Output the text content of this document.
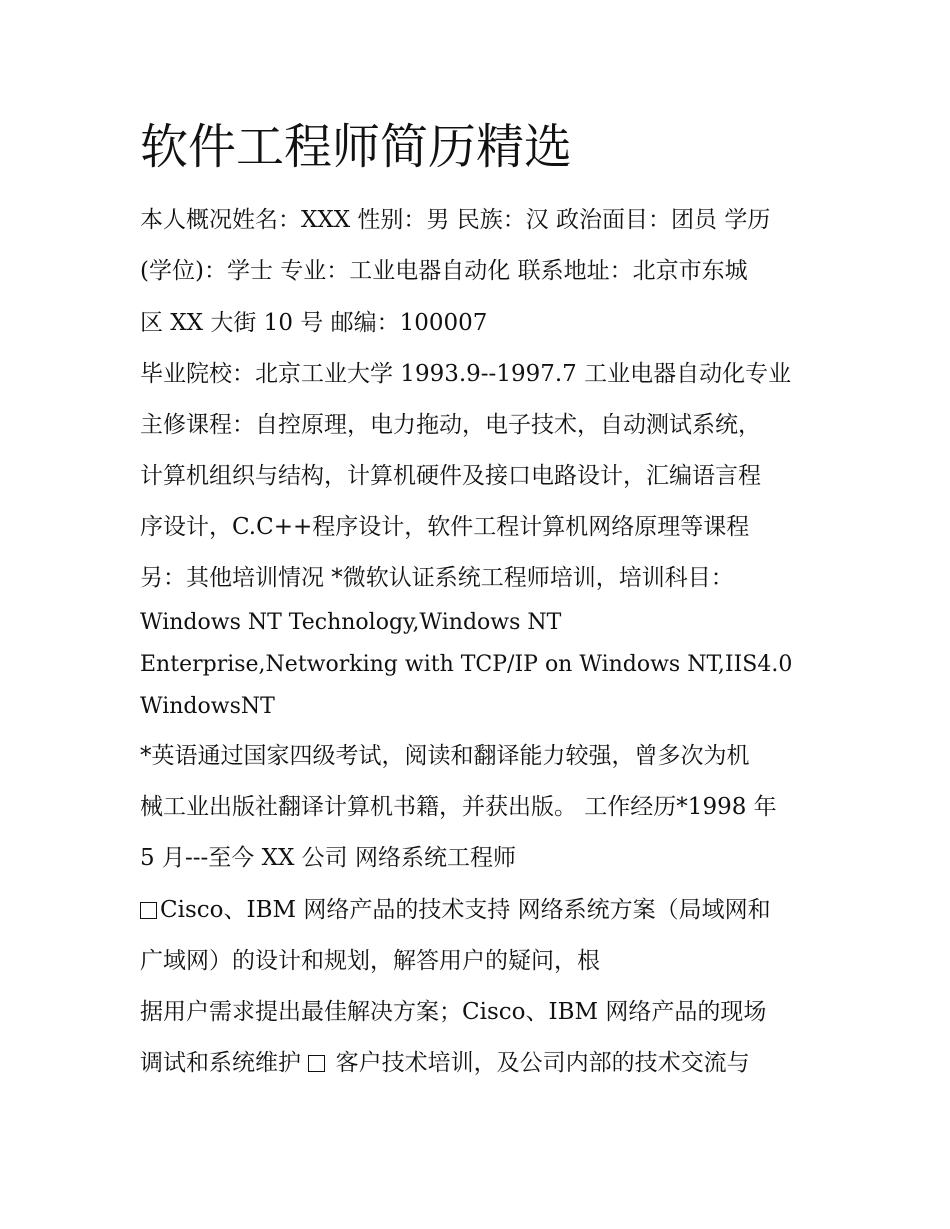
软件工程师简历精选

本人概况姓名：XXX 性别：男 民族：汉 政治面目：团员 学历

(学位)：学士 专业：工业电器自动化 联系地址：北京市东城

区 XX 大街 10 号 邮编：100007

毕业院校：北京工业大学 1993.9--1997.7 工业电器自动化专业

主修课程：自控原理，电力拖动，电子技术，自动测试系统，

计算机组织与结构，计算机硬件及接口电路设计，汇编语言程

序设计，C.C++程序设计，软件工程计算机网络原理等课程

另：其他培训情况 *微软认证系统工程师培训，培训科目：

Windows NT Technology,Windows NT

Enterprise,Networking with TCP/IP on Windows NT,IIS4.0

WindowsNT

*英语通过国家四级考试，阅读和翻译能力较强，曾多次为机

械工业出版社翻译计算机书籍，并获出版。 工作经历*1998 年

5 月---至今 XX 公司 网络系统工程师

Cisco、IBM 网络产品的技术支持 网络系统方案（局域网和

广域网）的设计和规划，解答用户的疑问，根

据用户需求提出最佳解决方案；Cisco、IBM 网络产品的现场

调试和系统维护 客户技术培训，及公司内部的技术交流与
